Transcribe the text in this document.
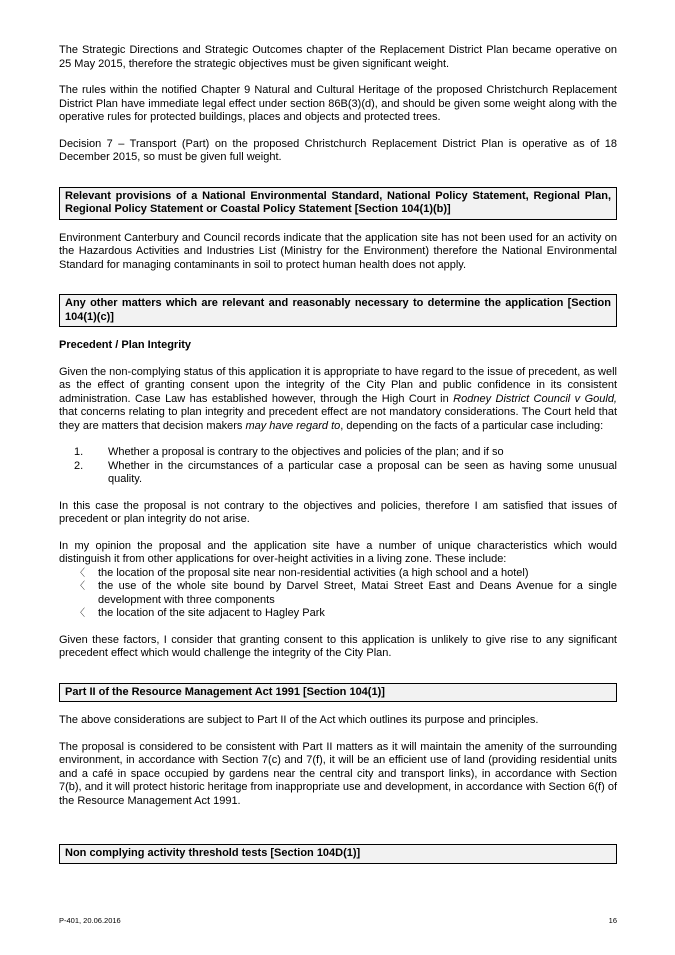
The Strategic Directions and Strategic Outcomes chapter of the Replacement District Plan became operative on 25 May 2015, therefore the strategic objectives must be given significant weight.

The rules within the notified Chapter 9 Natural and Cultural Heritage of the proposed Christchurch Replacement District Plan have immediate legal effect under section 86B(3)(d), and should be given some weight along with the operative rules for protected buildings, places and objects and protected trees.

Decision 7 – Transport (Part) on the proposed Christchurch Replacement District Plan is operative as of 18 December 2015, so must be given full weight.

Relevant provisions of a National Environmental Standard, National Policy Statement, Regional Plan, Regional Policy Statement or Coastal Policy Statement [Section 104(1)(b)]

Environment Canterbury and Council records indicate that the application site has not been used for an activity on the Hazardous Activities and Industries List (Ministry for the Environment) therefore the National Environmental Standard for managing contaminants in soil to protect human health does not apply.

Any other matters which are relevant and reasonably necessary to determine the application [Section 104(1)(c)]

Precedent / Plan Integrity

Given the non-complying status of this application it is appropriate to have regard to the issue of precedent, as well as the effect of granting consent upon the integrity of the City Plan and public confidence in its consistent administration. Case Law has established however, through the High Court in Rodney District Council v Gould, that concerns relating to plan integrity and precedent effect are not mandatory considerations. The Court held that they are matters that decision makers may have regard to, depending on the facts of a particular case including:

1.	Whether a proposal is contrary to the objectives and policies of the plan; and if so
2.	Whether in the circumstances of a particular case a proposal can be seen as having some unusual quality.

In this case the proposal is not contrary to the objectives and policies, therefore I am satisfied that issues of precedent or plan integrity do not arise.

In my opinion the proposal and the application site have a number of unique characteristics which would distinguish it from other applications for over-height activities in a living zone. These include:

〈	the location of the proposal site near non-residential activities (a high school and a hotel)
〈	the use of the whole site bound by Darvel Street, Matai Street East and Deans Avenue for a single development with three components
〈	the location of the site adjacent to Hagley Park

Given these factors, I consider that granting consent to this application is unlikely to give rise to any significant precedent effect which would challenge the integrity of the City Plan.

Part II of the Resource Management Act 1991 [Section 104(1)]

The above considerations are subject to Part II of the Act which outlines its purpose and principles.

The proposal is considered to be consistent with Part II matters as it will maintain the amenity of the surrounding environment, in accordance with Section 7(c) and 7(f), it will be an efficient use of land (providing residential units and a café in space occupied by gardens near the central city and transport links), in accordance with Section 7(b), and it will protect historic heritage from inappropriate use and development, in accordance with Section 6(f) of the Resource Management Act 1991.

Non complying activity threshold tests [Section 104D(1)]
P-401, 20.06.2016	16
